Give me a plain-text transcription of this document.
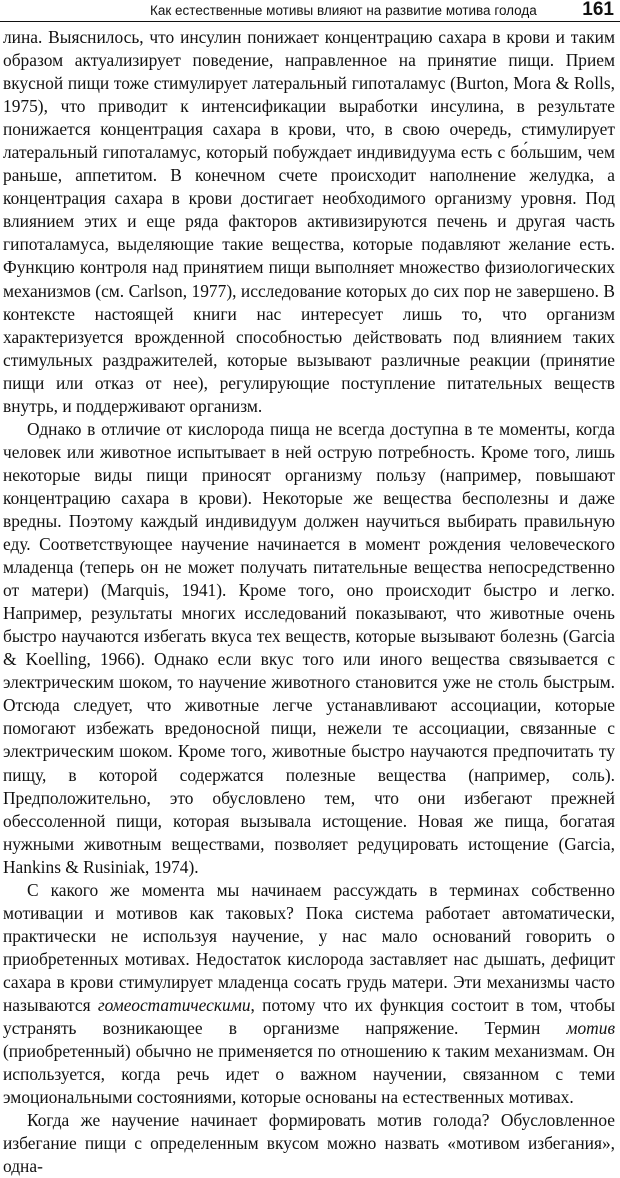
Как естественные мотивы влияют на развитие мотива голода 161

лина. Выяснилось, что инсулин понижает концентрацию сахара в крови и таким образом актуализирует поведение, направленное на принятие пищи. Прием вкусной пищи тоже стимулирует латеральный гипоталамус (Burton, Mora & Rolls, 1975), что приводит к интенсификации выработки инсулина, в результате понижается концентрация сахара в крови, что, в свою очередь, стимулирует латеральный гипоталамус, который побуждает индивидуума есть с бо́льшим, чем раньше, аппетитом. В конечном счете происходит наполнение желудка, а концентрация сахара в крови достигает необходимого организму уровня. Под влиянием этих и еще ряда факторов активизируются печень и другая часть гипоталамуса, выделяющие такие вещества, которые подавляют желание есть. Функцию контроля над принятием пищи выполняет множество физиологических механизмов (см. Carlson, 1977), исследование которых до сих пор не завершено. В контексте настоящей книги нас интересует лишь то, что организм характеризуется врожденной способностью действовать под влиянием таких стимульных раздражителей, которые вызывают различные реакции (принятие пищи или отказ от нее), регулирующие поступление питательных веществ внутрь, и поддерживают организм.

Однако в отличие от кислорода пища не всегда доступна в те моменты, когда человек или животное испытывает в ней острую потребность. Кроме того, лишь некоторые виды пищи приносят организму пользу (например, повышают концентрацию сахара в крови). Некоторые же вещества бесполезны и даже вредны. Поэтому каждый индивидуум должен научиться выбирать правильную еду. Соответствующее научение начинается в момент рождения человеческого младенца (теперь он не может получать питательные вещества непосредственно от матери) (Marquis, 1941). Кроме того, оно происходит быстро и легко. Например, результаты многих исследований показывают, что животные очень быстро научаются избегать вкуса тех веществ, которые вызывают болезнь (Garcia & Koelling, 1966). Однако если вкус того или иного вещества связывается с электрическим шоком, то научение животного становится уже не столь быстрым. Отсюда следует, что животные легче устанавливают ассоциации, которые помогают избежать вредоносной пищи, нежели те ассоциации, связанные с электрическим шоком. Кроме того, животные быстро научаются предпочитать ту пищу, в которой содержатся полезные вещества (например, соль). Предположительно, это обусловлено тем, что они избегают прежней обессоленной пищи, которая вызывала истощение. Новая же пища, богатая нужными животным веществами, позволяет редуцировать истощение (Garcia, Hankins & Rusiniak, 1974).

С какого же момента мы начинаем рассуждать в терминах собственно мотивации и мотивов как таковых? Пока система работает автоматически, практически не используя научение, у нас мало оснований говорить о приобретенных мотивах. Недостаток кислорода заставляет нас дышать, дефицит сахара в крови стимулирует младенца сосать грудь матери. Эти механизмы часто называются гомеостатическими, потому что их функция состоит в том, чтобы устранять возникающее в организме напряжение. Термин мотив (приобретенный) обычно не применяется по отношению к таким механизмам. Он используется, когда речь идет о важном научении, связанном с теми эмоциональными состояниями, которые основаны на естественных мотивах.

Когда же научение начинает формировать мотив голода? Обусловленное избегание пищи с определенным вкусом можно назвать «мотивом избегания», одна-
